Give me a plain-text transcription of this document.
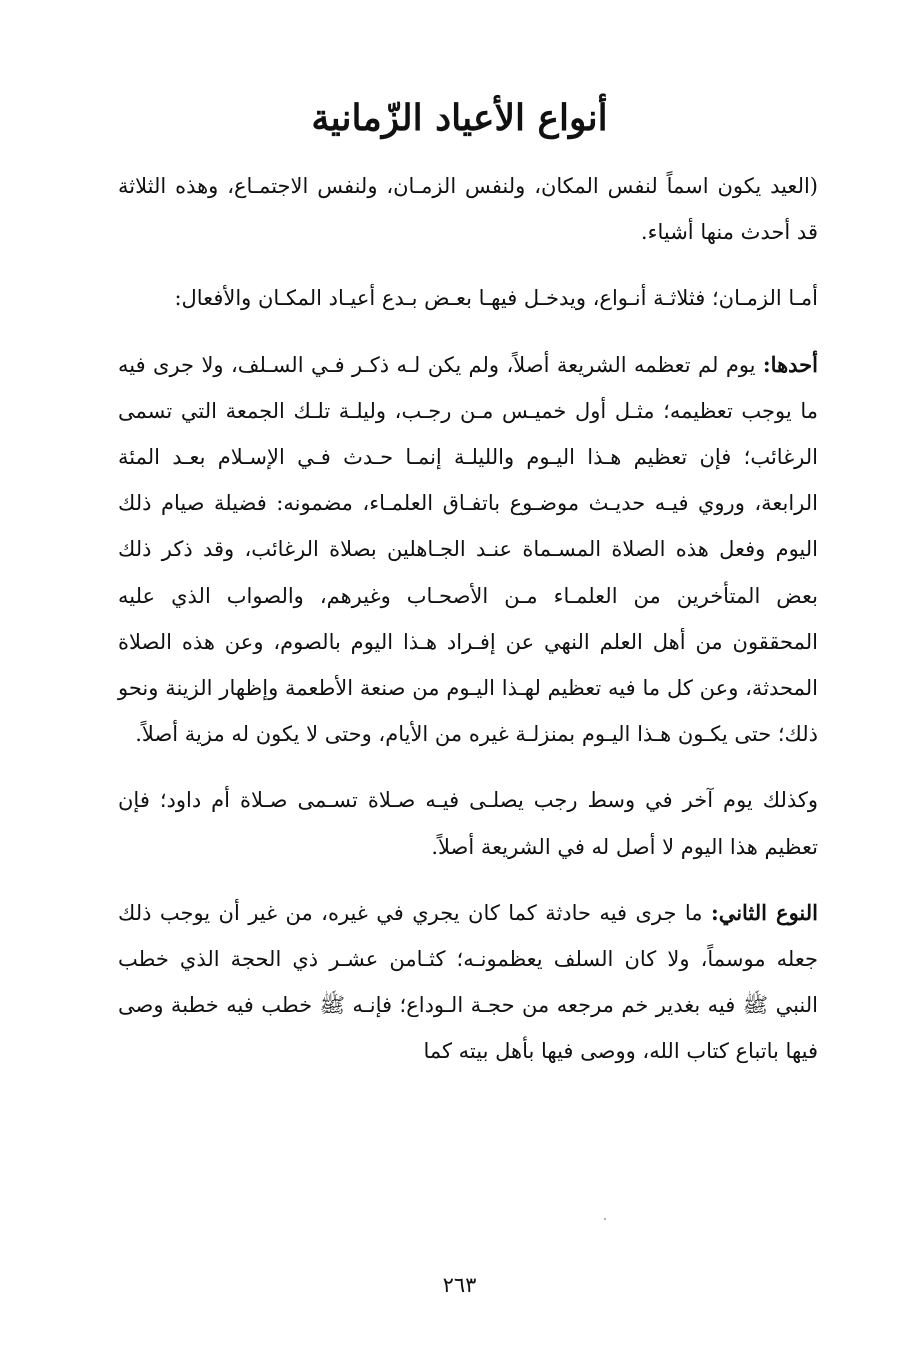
أنواع الأعياد الزّمانية

(العيد يكون اسماً لنفس المكان، ولنفس الزمـان، ولنفس الاجتمـاع، وهذه الثلاثة قد أحدث منها أشياء.

أمـا الزمـان؛ فثلاثـة أنـواع، ويدخـل فيهـا بعـض بـدع أعيـاد المكـان والأفعال:

أحدها: يوم لم تعظمه الشريعة أصلاً، ولم يكن لـه ذكـر فـي السـلف، ولا جرى فيه ما يوجب تعظيمه؛ مثـل أول خميـس مـن رجـب، وليلـة تلـك الجمعة التي تسمى الرغائب؛ فإن تعظيم هـذا اليـوم والليلـة إنمـا حـدث فـي الإسـلام بعـد المئة الرابعة، وروي فيـه حديـث موضـوع باتفـاق العلمـاء، مضمونه: فضيلة صيام ذلك اليوم وفعل هذه الصلاة المسـماة عنـد الجـاهلين بصلاة الرغائب، وقد ذكر ذلك بعض المتأخرين من العلمـاء مـن الأصحـاب وغيرهم، والصواب الذي عليه المحققون من أهل العلم النهي عن إفـراد هـذا اليوم بالصوم، وعن هذه الصلاة المحدثة، وعن كل ما فيه تعظيم لهـذا اليـوم من صنعة الأطعمة وإظهار الزينة ونحو ذلك؛ حتى يكـون هـذا اليـوم بمنزلـة غيره من الأيام، وحتى لا يكون له مزية أصلاً.

وكذلك يوم آخر في وسط رجب يصلـى فيـه صـلاة تسـمى صـلاة أم داود؛ فإن تعظيم هذا اليوم لا أصل له في الشريعة أصلاً.

النوع الثاني: ما جرى فيه حادثة كما كان يجري في غيره، من غير أن يوجب ذلك جعله موسماً، ولا كان السلف يعظمونـه؛ كثـامن عشـر ذي الحجة الذي خطب النبي ﷺ فيه بغدير خم مرجعه من حجـة الـوداع؛ فإنـه ﷺ خطب فيه خطبة وصى فيها باتباع كتاب الله، ووصى فيها بأهل بيته كما

٢٦٣
